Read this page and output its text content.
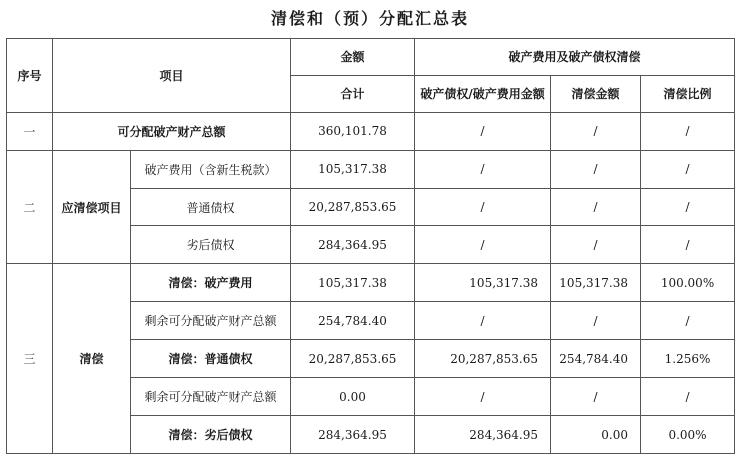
清偿和（预）分配汇总表
序号	项目		金额	破产费用及破产债权清偿		
			合计	破产债权/破产费用金额	清偿金额	清偿比例
一	可分配破产财产总额		360,101.78	/	/	/
二	应清偿项目	破产费用（含新生税款）	105,317.38	/	/	/
		普通债权	20,287,853.65	/	/	/
		劣后债权	284,364.95	/	/	/
三	清偿	清偿：破产费用	105,317.38	105,317.38	105,317.38	100.00%
		剩余可分配破产财产总额	254,784.40	/	/	/
		清偿：普通债权	20,287,853.65	20,287,853.65	254,784.40	1.256%
		剩余可分配破产财产总额	0.00	/	/	/
		清偿：劣后债权	284,364.95	284,364.95	0.00	0.00%
